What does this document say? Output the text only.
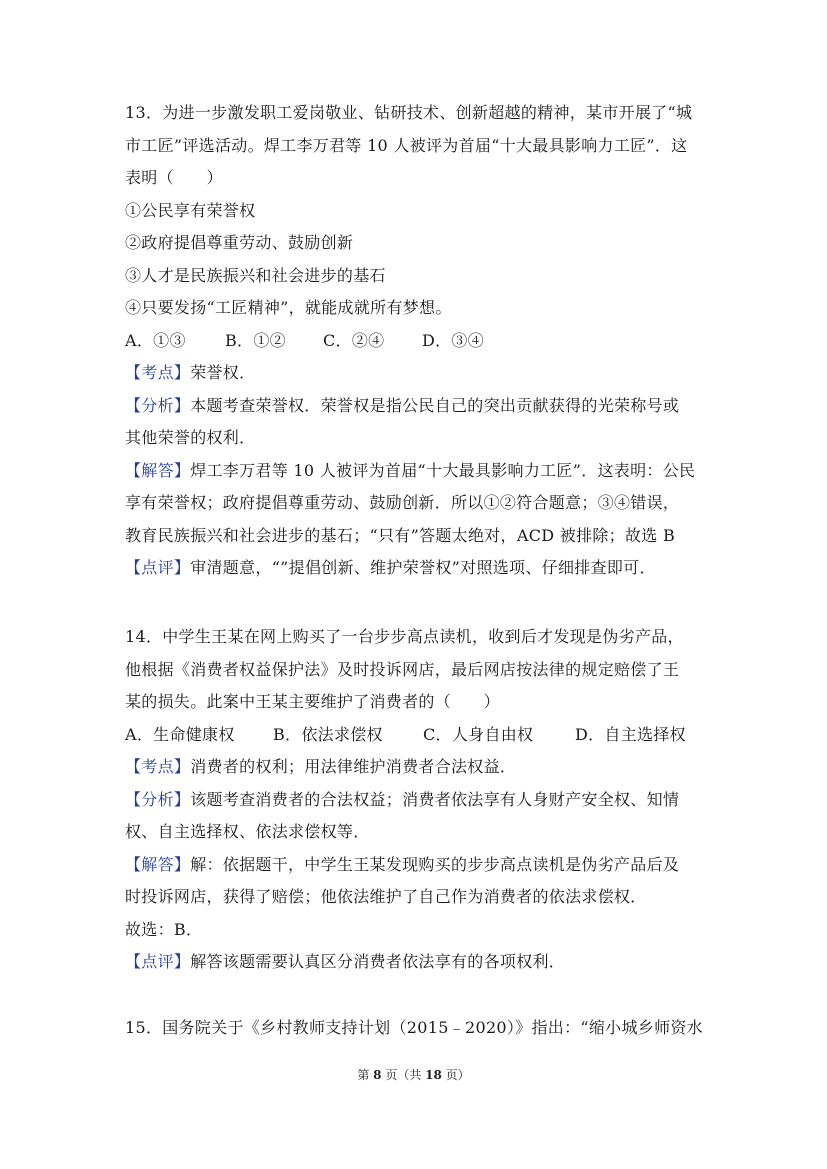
13．为进一步激发职工爱岗敬业、钻研技术、创新超越的精神，某市开展了“城
市工匠”评选活动。焊工李万君等 10 人被评为首届“十大最具影响力工匠”．这
表明（　　）
①公民享有荣誉权
②政府提倡尊重劳动、鼓励创新
③人才是民族振兴和社会进步的基石
④只要发扬“工匠精神”，就能成就所有梦想。
A．①③ B．①② C．②④ D．③④
【考点】荣誉权．
【分析】本题考查荣誉权．荣誉权是指公民自己的突出贡献获得的光荣称号或
其他荣誉的权利．
【解答】焊工李万君等 10 人被评为首届“十大最具影响力工匠”．这表明：公民
享有荣誉权；政府提倡尊重劳动、鼓励创新．所以①②符合题意；③④错误，
教育民族振兴和社会进步的基石；“只有”答题太绝对，ACD 被排除；故选 B
【点评】审清题意，“”提倡创新、维护荣誉权”对照选项、仔细排查即可．
14．中学生王某在网上购买了一台步步高点读机，收到后才发现是伪劣产品，
他根据《消费者权益保护法》及时投诉网店，最后网店按法律的规定赔偿了王
某的损失。此案中王某主要维护了消费者的（　　）
A．生命健康权 B．依法求偿权	C．人身自由权	D．自主选择权
【考点】消费者的权利；用法律维护消费者合法权益．
【分析】该题考查消费者的合法权益；消费者依法享有人身财产安全权、知情
权、自主选择权、依法求偿权等．
【解答】解：依据题干，中学生王某发现购买的步步高点读机是伪劣产品后及
时投诉网店，获得了赔偿；他依法维护了自己作为消费者的依法求偿权．
故选：B．
【点评】解答该题需要认真区分消费者依法享有的各项权利．
15．国务院关于《乡村教师支持计划（2015﹣2020）》指出：“缩小城乡师资水
第 8 页（共 18 页）
